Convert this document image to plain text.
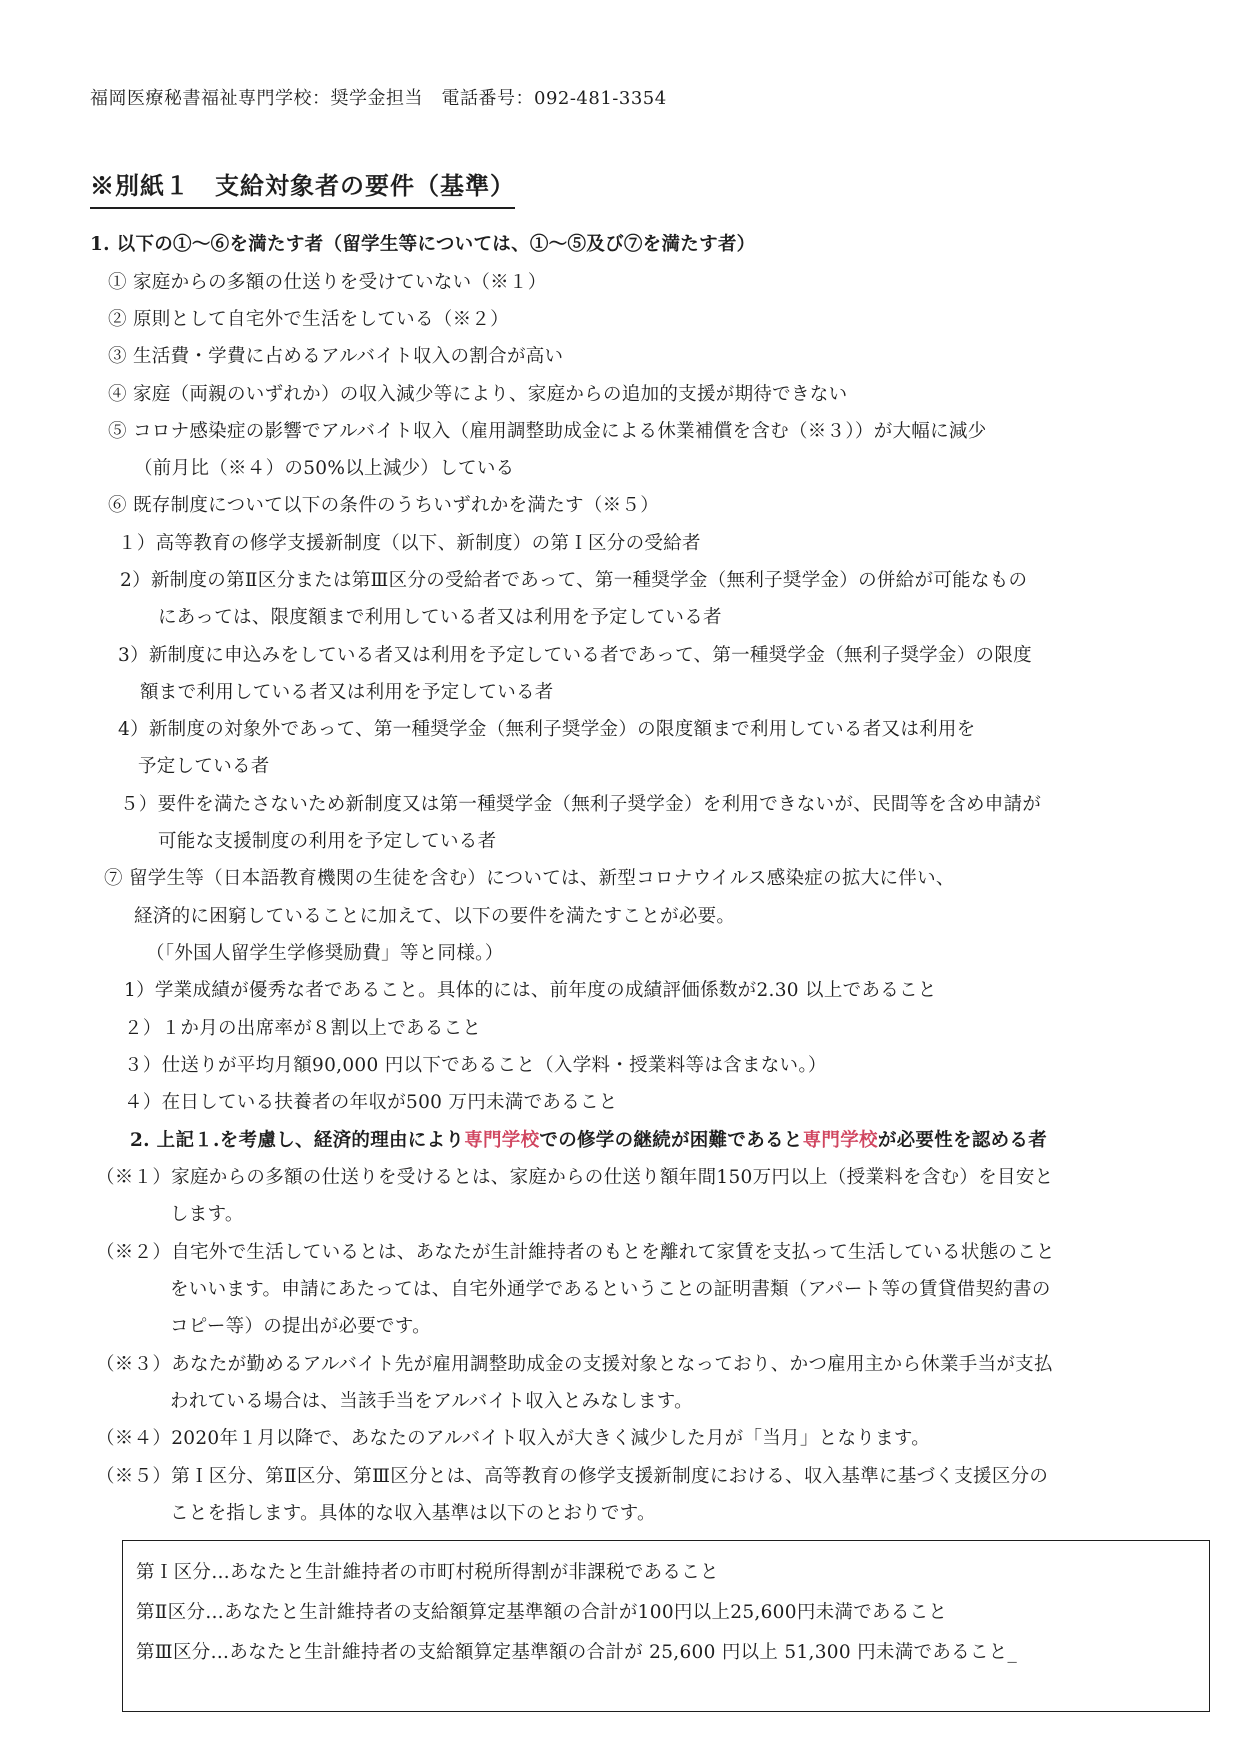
福岡医療秘書福祉専門学校：奨学金担当　電話番号：092-481-3354
※別紙１　支給対象者の要件（基準）
1. 以下の①～⑥を満たす者（留学生等については、①～⑤及び⑦を満たす者）
① 家庭からの多額の仕送りを受けていない（※１）
② 原則として自宅外で生活をしている（※２）
③ 生活費・学費に占めるアルバイト収入の割合が高い
④ 家庭（両親のいずれか）の収入減少等により、家庭からの追加的支援が期待できない
⑤ コロナ感染症の影響でアルバイト収入（雇用調整助成金による休業補償を含む（※３））が大幅に減少
（前月比（※４）の50%以上減少）している
⑥ 既存制度について以下の条件のうちいずれかを満たす（※５）
１）高等教育の修学支援新制度（以下、新制度）の第Ｉ区分の受給者
2）新制度の第Ⅱ区分または第Ⅲ区分の受給者であって、第一種奨学金（無利子奨学金）の併給が可能なもの
にあっては、限度額まで利用している者又は利用を予定している者
3）新制度に申込みをしている者又は利用を予定している者であって、第一種奨学金（無利子奨学金）の限度
額まで利用している者又は利用を予定している者
4）新制度の対象外であって、第一種奨学金（無利子奨学金）の限度額まで利用している者又は利用を
予定している者
５）要件を満たさないため新制度又は第一種奨学金（無利子奨学金）を利用できないが、民間等を含め申請が
可能な支援制度の利用を予定している者
⑦ 留学生等（日本語教育機関の生徒を含む）については、新型コロナウイルス感染症の拡大に伴い、
経済的に困窮していることに加えて、以下の要件を満たすことが必要。
（「外国人留学生学修奨励費」等と同様。）
1）学業成績が優秀な者であること。具体的には、前年度の成績評価係数が2.30 以上であること
２）１か月の出席率が８割以上であること
３）仕送りが平均月額90,000 円以下であること（入学料・授業料等は含まない。）
４）在日している扶養者の年収が500 万円未満であること
2. 上記１.を考慮し、経済的理由により専門学校での修学の継続が困難であると専門学校が必要性を認める者
（※１）家庭からの多額の仕送りを受けるとは、家庭からの仕送り額年間150万円以上（授業料を含む）を目安と
します。
（※２）自宅外で生活しているとは、あなたが生計維持者のもとを離れて家賃を支払って生活している状態のこと
をいいます。申請にあたっては、自宅外通学であるということの証明書類（アパート等の賃貸借契約書の
コピー等）の提出が必要です。
（※３）あなたが勤めるアルバイト先が雇用調整助成金の支援対象となっており、かつ雇用主から休業手当が支払
われている場合は、当該手当をアルバイト収入とみなします。
（※４）2020年１月以降で、あなたのアルバイト収入が大きく減少した月が「当月」となります。
（※５）第Ｉ区分、第Ⅱ区分、第Ⅲ区分とは、高等教育の修学支援新制度における、収入基準に基づく支援区分の
ことを指します。具体的な収入基準は以下のとおりです。
第Ｉ区分…あなたと生計維持者の市町村税所得割が非課税であること
第Ⅱ区分…あなたと生計維持者の支給額算定基準額の合計が100円以上25,600円未満であること
第Ⅲ区分…あなたと生計維持者の支給額算定基準額の合計が 25,600 円以上 51,300 円未満であること_
